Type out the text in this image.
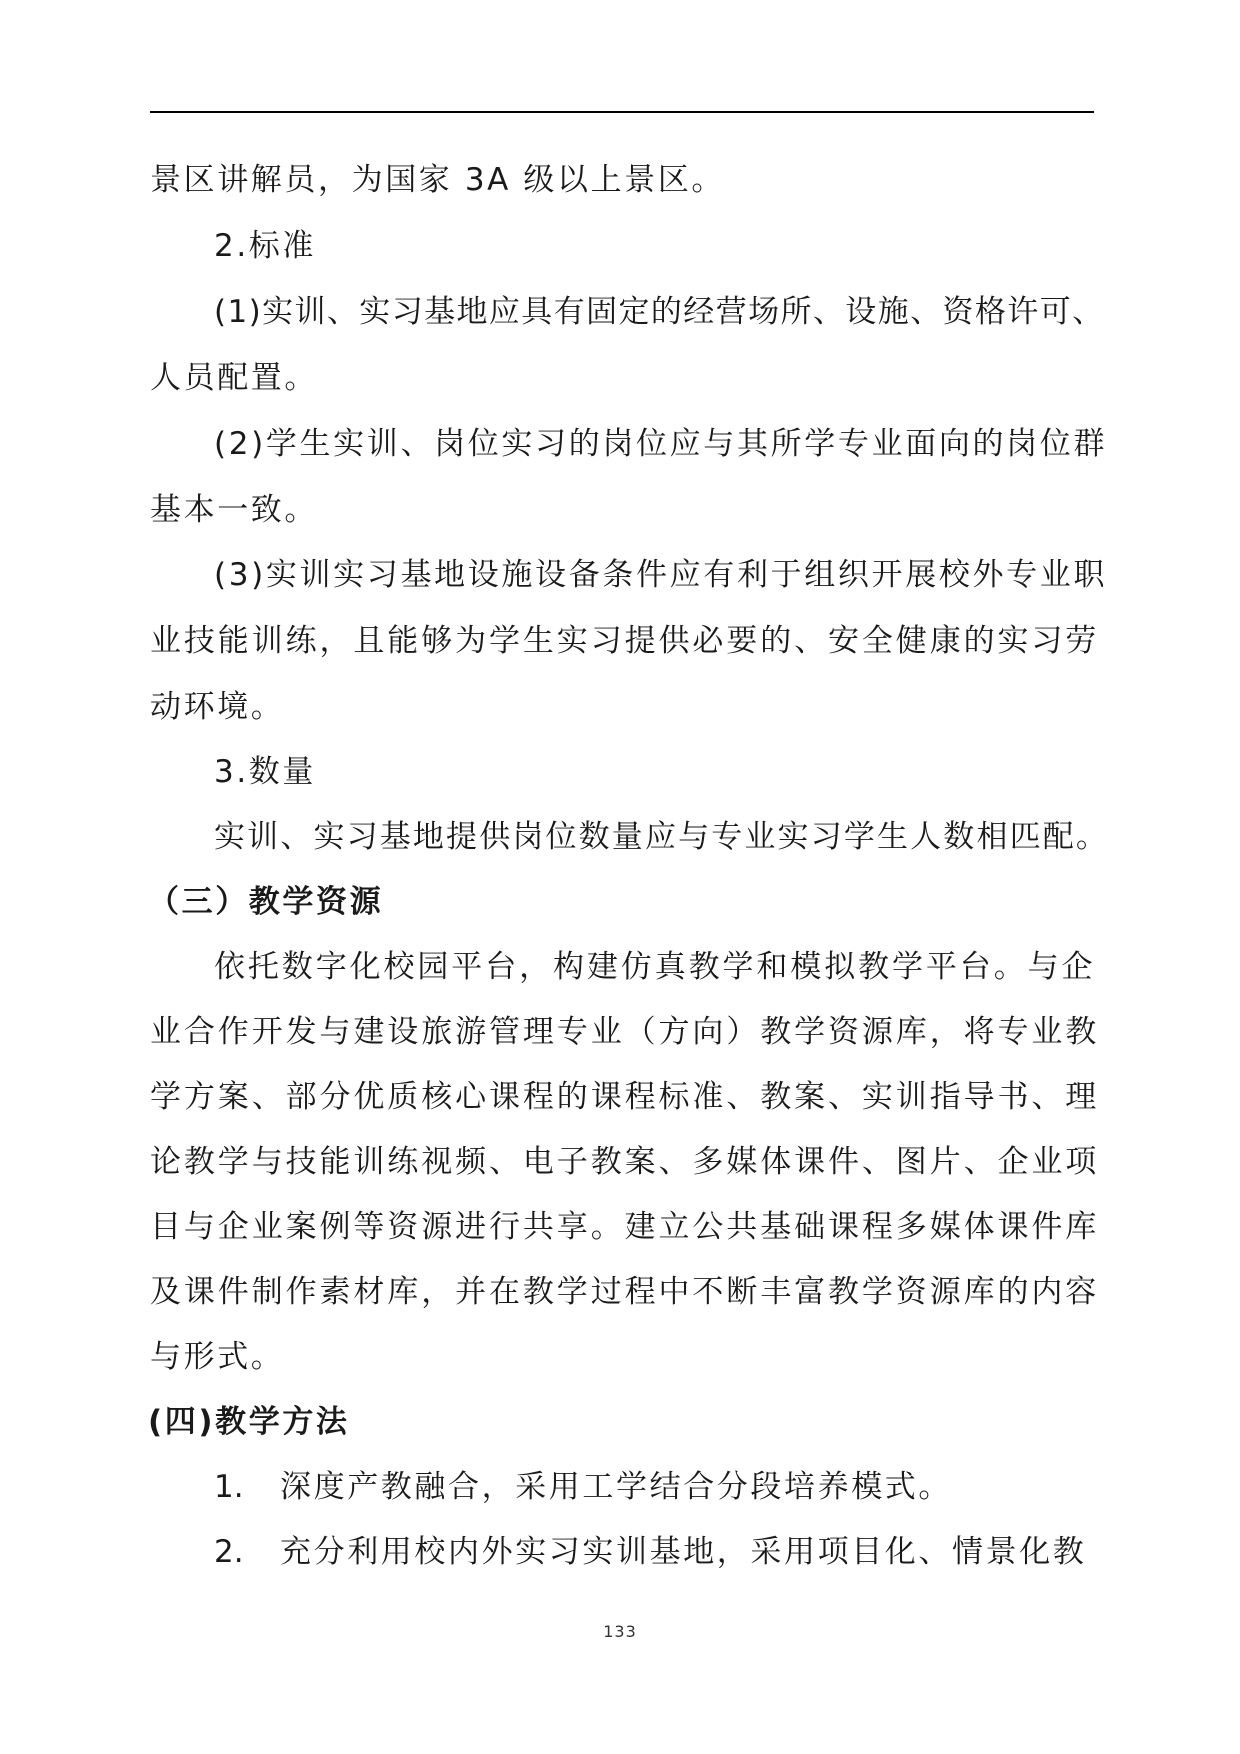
景区讲解员，为国家 3A 级以上景区。
2.标准
(1)实训、实习基地应具有固定的经营场所、设施、资格许可、
人员配置。
(2)学生实训、岗位实习的岗位应与其所学专业面向的岗位群
基本一致。
(3)实训实习基地设施设备条件应有利于组织开展校外专业职
业技能训练，且能够为学生实习提供必要的、安全健康的实习劳
动环境。
3.数量
实训、实习基地提供岗位数量应与专业实习学生人数相匹配。
（三）教学资源
依托数字化校园平台，构建仿真教学和模拟教学平台。与企
业合作开发与建设旅游管理专业（方向）教学资源库，将专业教
学方案、部分优质核心课程的课程标准、教案、实训指导书、理
论教学与技能训练视频、电子教案、多媒体课件、图片、企业项
目与企业案例等资源进行共享。建立公共基础课程多媒体课件库
及课件制作素材库，并在教学过程中不断丰富教学资源库的内容
与形式。
(四)教学方法
1. 深度产教融合，采用工学结合分段培养模式。
2. 充分利用校内外实习实训基地，采用项目化、情景化教
133
